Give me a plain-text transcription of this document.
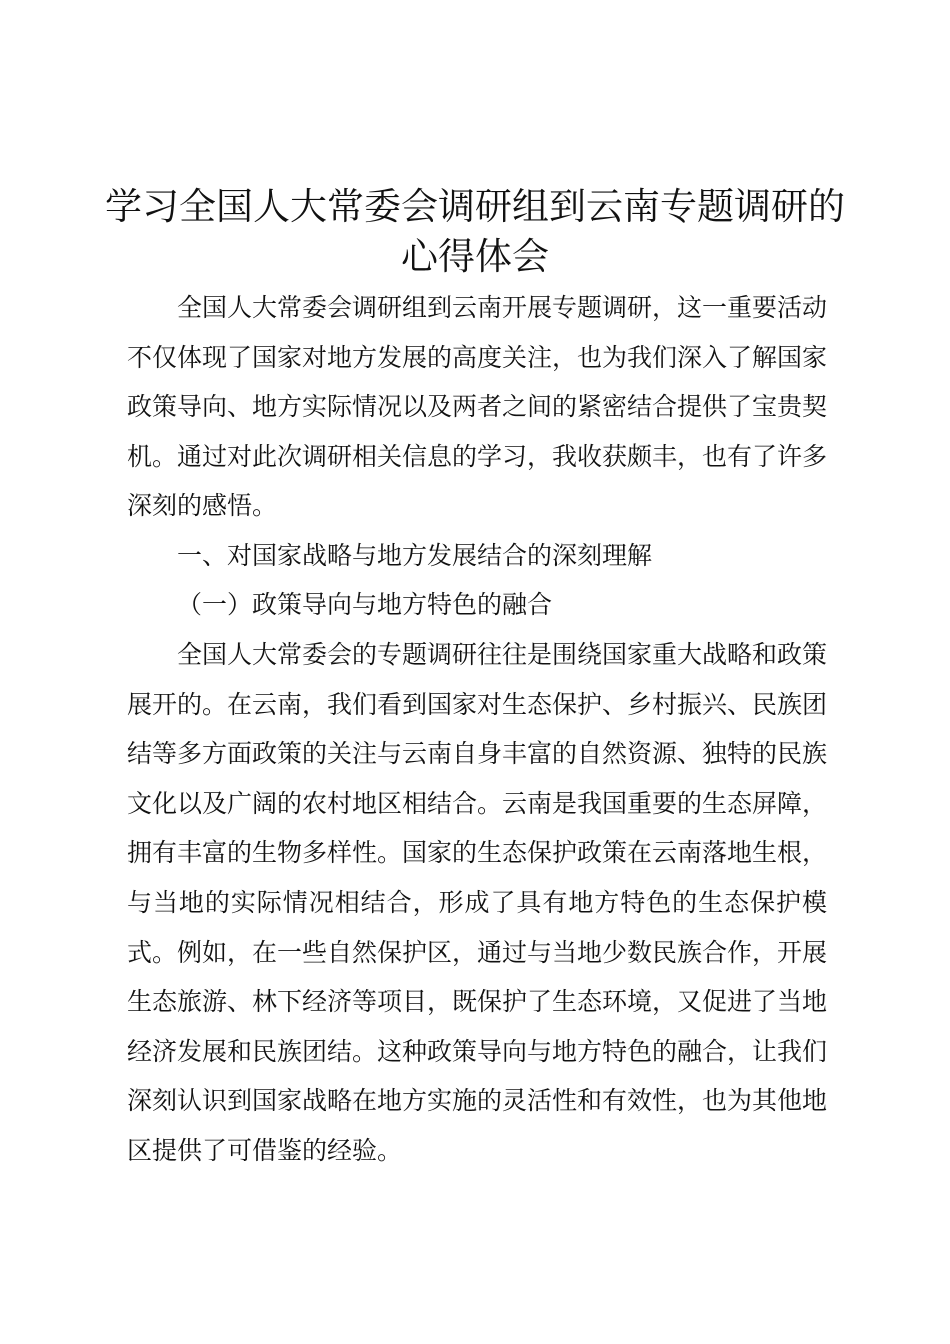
学习全国人大常委会调研组到云南专题调研的
心得体会

全国人大常委会调研组到云南开展专题调研，这一重要活动不仅体现了国家对地方发展的高度关注，也为我们深入了解国家政策导向、地方实际情况以及两者之间的紧密结合提供了宝贵契机。通过对此次调研相关信息的学习，我收获颇丰，也有了许多深刻的感悟。

一、对国家战略与地方发展结合的深刻理解

（一）政策导向与地方特色的融合

全国人大常委会的专题调研往往是围绕国家重大战略和政策展开的。在云南，我们看到国家对生态保护、乡村振兴、民族团结等多方面政策的关注与云南自身丰富的自然资源、独特的民族文化以及广阔的农村地区相结合。云南是我国重要的生态屏障，拥有丰富的生物多样性。国家的生态保护政策在云南落地生根，与当地的实际情况相结合，形成了具有地方特色的生态保护模式。例如，在一些自然保护区，通过与当地少数民族合作，开展生态旅游、林下经济等项目，既保护了生态环境，又促进了当地经济发展和民族团结。这种政策导向与地方特色的融合，让我们深刻认识到国家战略在地方实施的灵活性和有效性，也为其他地区提供了可借鉴的经验。
